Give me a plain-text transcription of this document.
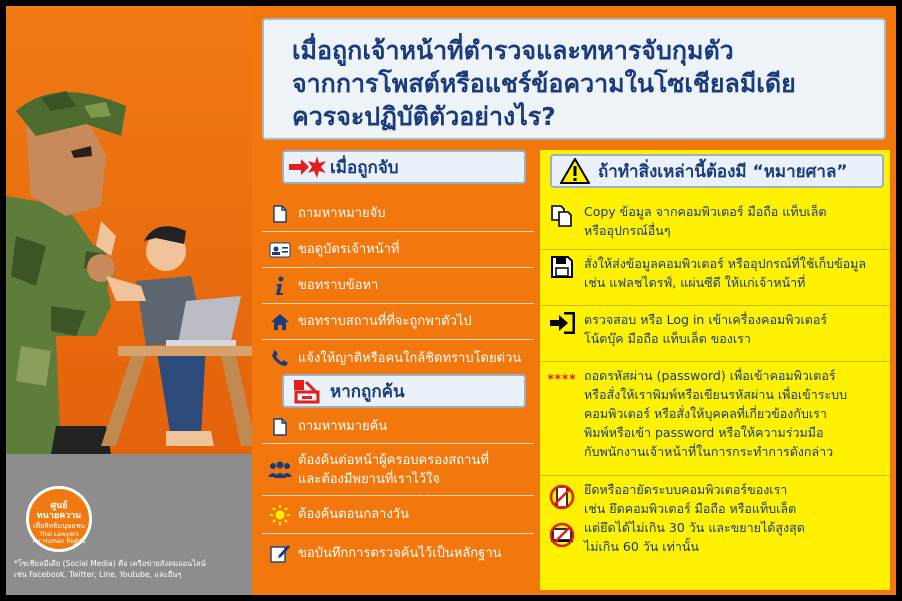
ศูนย์
ทนายความ
เพื่อสิทธิมนุษยชน
Thai Lawyers
for Human Rights
*โซเชียลมีเดีย (Social Media) คือ เครือข่ายสังคมออนไลน์
เช่น Facebook, Twitter, Line, Youtube, และอื่นๆ
เมื่อถูกเจ้าหน้าที่ตำรวจและทหารจับกุมตัว
จากการโพสต์หรือแชร์ข้อความในโซเชียลมีเดีย
ควรจะปฏิบัติตัวอย่างไร?
เมื่อถูกจับ
ถามหาหมายจับ
ขอดูบัตรเจ้าหน้าที่
ขอทราบข้อหา
ขอทราบสถานที่ที่จะถูกพาตัวไป
แจ้งให้ญาติหรือคนใกล้ชิดทราบโดยด่วน
หากถูกค้น
ถามหาหมายค้น
ต้องค้นต่อหน้าผู้ครอบครองสถานที่
และต้องมีพยานที่เราไว้ใจ
ต้องค้นตอนกลางวัน
ขอบันทึกการตรวจค้นไว้เป็นหลักฐาน
ถ้าทำสิ่งเหล่านี้ต้องมี “หมายศาล”
Copy ข้อมูล จากคอมพิวเตอร์ มือถือ แท็บเล็ต
หรืออุปกรณ์อื่นๆ
สั่งให้ส่งข้อมูลคอมพิวเตอร์ หรืออุปกรณ์ที่ใช้เก็บข้อมูล
เช่น แฟลชไดรฟ์, แผ่นซีดี ให้แก่เจ้าหน้าที่
ตรวจสอบ หรือ Log in เข้าเครื่องคอมพิวเตอร์
โน้ตบุ๊ค มือถือ แท็บเล็ต ของเรา
**** ถอดรหัสผ่าน (password) เพื่อเข้าคอมพิวเตอร์
หรือสั่งให้เราพิมพ์หรือเขียนรหัสผ่าน เพื่อเข้าระบบ
คอมพิวเตอร์ หรือสั่งให้บุคคลที่เกี่ยวข้องกับเรา
พิมพ์หรือเข้า password หรือให้ความร่วมมือ
กับพนักงานเจ้าหน้าที่ในการกระทำการดังกล่าว
ยึดหรืออายัดระบบคอมพิวเตอร์ของเรา
เช่น ยึดคอมพิวเตอร์ มือถือ หรือแท็บเล็ต
แต่ยึดได้ไม่เกิน 30 วัน และขยายได้สูงสุด
ไม่เกิน 60 วัน เท่านั้น
